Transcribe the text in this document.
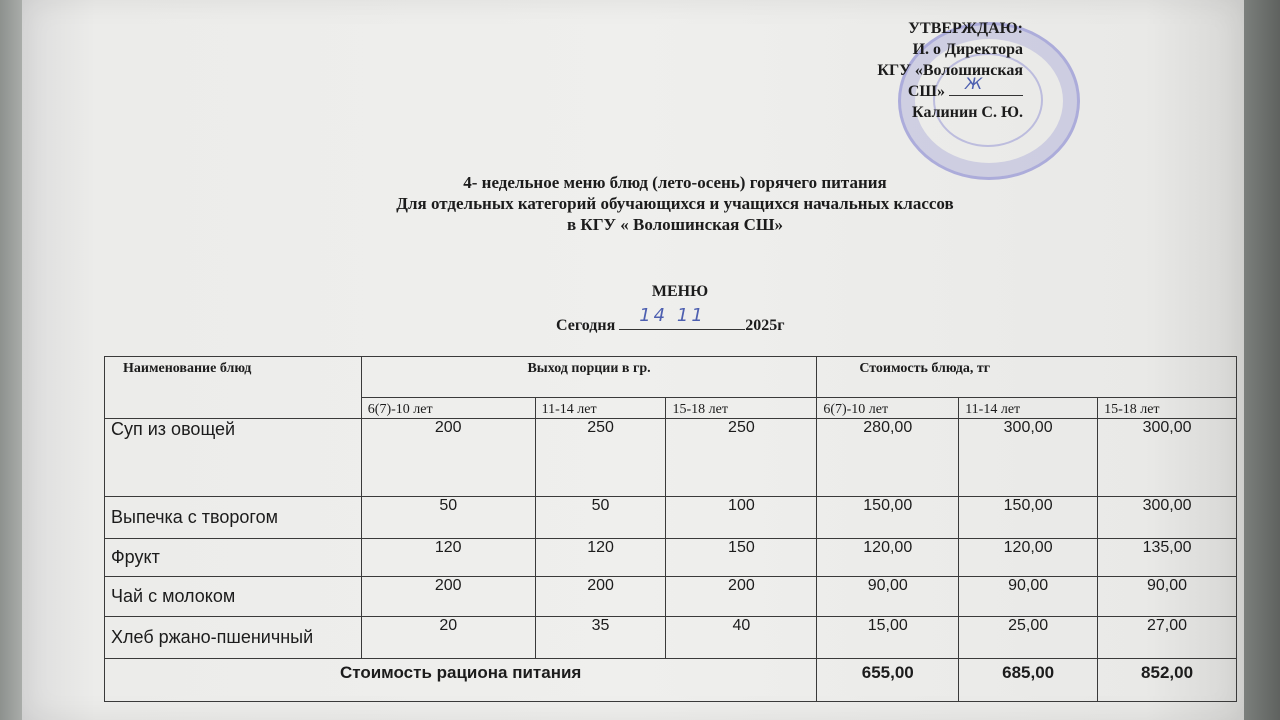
УТВЕРЖДАЮ:
И. о Директора
КГУ «Волошинская
СШ» Ж
Калинин С. Ю.
4- недельное меню блюд (лето-осень) горячего питания
Для отдельных категорий обучающихся и учащихся начальных классов
в КГУ « Волошинская СШ»
МЕНЮ
Сегодня 14 11 2025г
Наименование блюд	Выход порции в гр.			Стоимость блюда, тг		
	6(7)-10 лет	11-14 лет	15-18 лет	6(7)-10 лет	11-14 лет	15-18 лет
Суп из овощей	200	250	250	280,00	300,00	300,00
Выпечка с творогом	50	50	100	150,00	150,00	300,00
Фрукт	120	120	150	120,00	120,00	135,00
Чай с молоком	200	200	200	90,00	90,00	90,00
Хлеб ржано-пшеничный	20	35	40	15,00	25,00	27,00
Стоимость рациона питания				655,00	685,00	852,00
